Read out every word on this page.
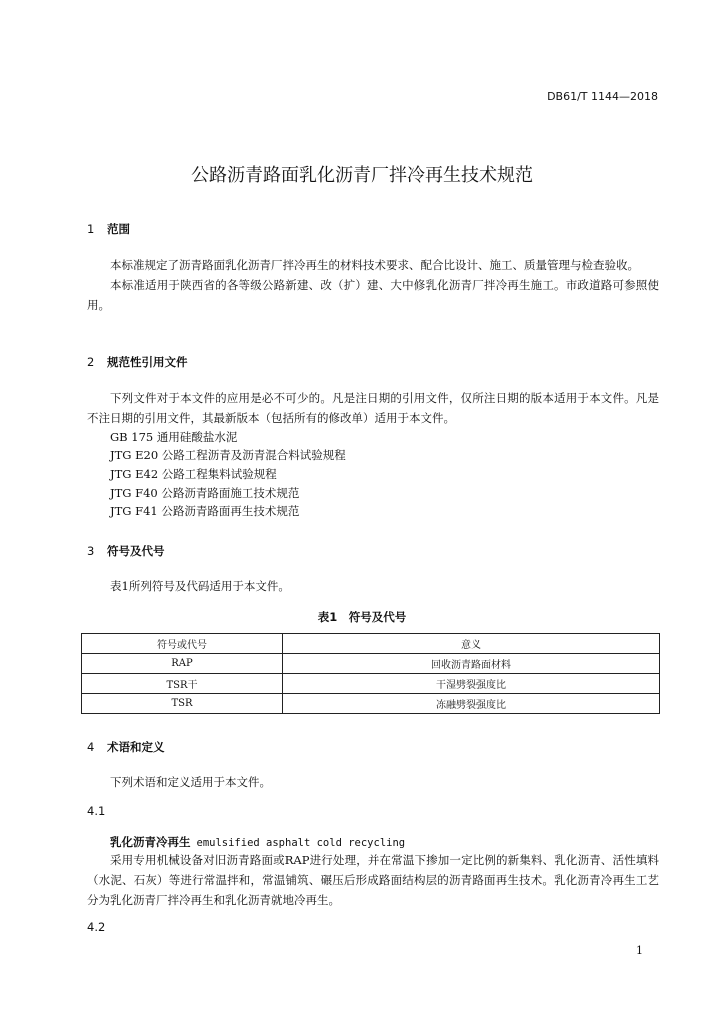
DB61/T 1144—2018
公路沥青路面乳化沥青厂拌冷再生技术规范
1 范围

本标准规定了沥青路面乳化沥青厂拌冷再生的材料技术要求、配合比设计、施工、质量管理与检查验收。

本标准适用于陕西省的各等级公路新建、改（扩）建、大中修乳化沥青厂拌冷再生施工。市政道路可参照使用。

2 规范性引用文件

下列文件对于本文件的应用是必不可少的。凡是注日期的引用文件，仅所注日期的版本适用于本文件。凡是不注日期的引用文件，其最新版本（包括所有的修改单）适用于本文件。

GB 175 通用硅酸盐水泥
JTG E20 公路工程沥青及沥青混合料试验规程
JTG E42 公路工程集料试验规程
JTG F40 公路沥青路面施工技术规范
JTG F41 公路沥青路面再生技术规范
3 符号及代号
表1所列符号及代码适用于本文件。
表1　符号及代号
符号或代号	意义
RAP	回收沥青路面材料
TSR干	干湿劈裂强度比
TSR	冻融劈裂强度比
4 术语和定义
下列术语和定义适用于本文件。
4.1
乳化沥青冷再生 emulsified asphalt cold recycling

采用专用机械设备对旧沥青路面或RAP进行处理，并在常温下掺加一定比例的新集料、乳化沥青、活性填料（水泥、石灰）等进行常温拌和，常温铺筑、碾压后形成路面结构层的沥青路面再生技术。乳化沥青冷再生工艺分为乳化沥青厂拌冷再生和乳化沥青就地冷再生。

4.2
1
